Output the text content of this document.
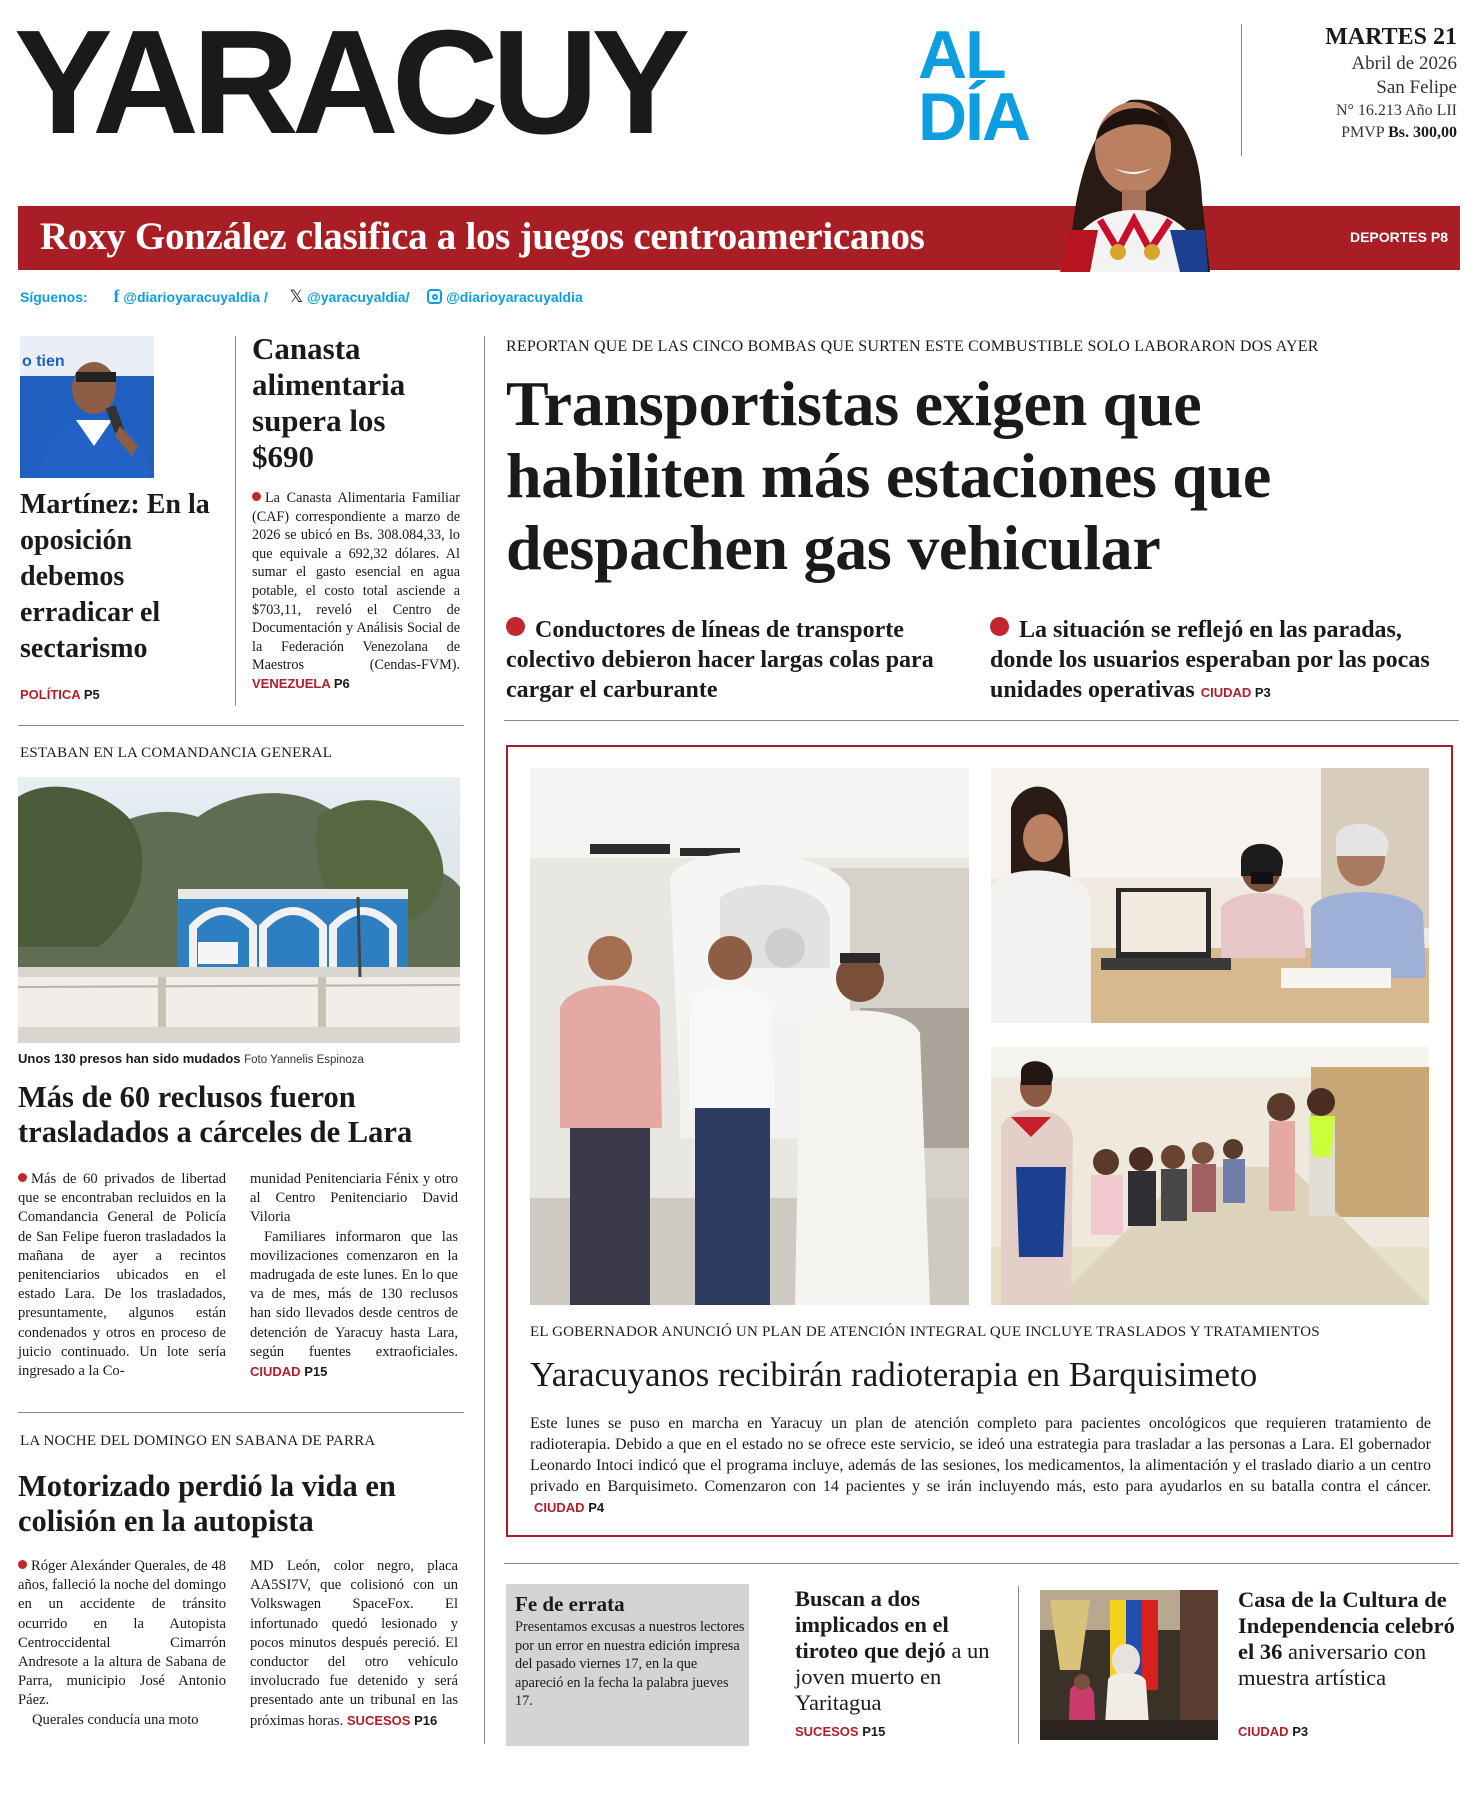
YARACUY	AL
DÍA
MARTES 21
Abril de 2026
San Felipe
N° 16.213 Año LII
PMVP Bs. 300,00
Roxy González clasifica a los juegos centroamericanos	DEPORTES P8
Síguenos: f @diarioyaracuyaldia / 𝕏 @yaracuyaldia/	@diarioyaracuyaldia
o tien
Martínez: En la oposición debemos erradicar el sectarismo
POLÍTICA P5
Canasta alimentaria supera los $690
La Canasta Alimentaria Familiar (CAF) correspondiente a marzo de 2026 se ubicó en Bs. 308.084,33, lo que equivale a 692,32 dólares. Al sumar el gasto esencial en agua potable, el costo total asciende a $703,11, reveló el Centro de Documentación y Análisis Social de la Federación Venezolana de Maestros (Cendas-FVM). VENEZUELA P6
REPORTAN QUE DE LAS CINCO BOMBAS QUE SURTEN ESTE COMBUSTIBLE SOLO LABORARON DOS AYER
Transportistas exigen que habiliten más estaciones que despachen gas vehicular
Conductores de líneas de transporte colectivo debieron hacer largas colas para cargar el carburante
La situación se reflejó en las paradas, donde los usuarios esperaban por las pocas unidades operativas CIUDAD P3
ESTABAN EN LA COMANDANCIA GENERAL
Unos 130 presos han sido mudados Foto Yannelis Espinoza
Más de 60 reclusos fueron trasladados a cárceles de Lara
Más de 60 privados de libertad que se encontraban recluidos en la Comandancia General de Policía de San Felipe fueron trasladados la mañana de ayer a recintos penitenciarios ubicados en el estado Lara. De los trasladados, presuntamente, algunos están condenados y otros en proceso de juicio continuado. Un lote sería ingresado a la Co-
munidad Penitenciaria Fénix y otro al Centro Penitenciario David Viloria
Familiares informaron que las movilizaciones comenzaron en la madrugada de este lunes. En lo que va de mes, más de 130 reclusos han sido llevados desde centros de detención de Yaracuy hasta Lara, según fuentes extraoficiales. CIUDAD P15
LA NOCHE DEL DOMINGO EN SABANA DE PARRA
Motorizado perdió la vida en colisión en la autopista
Róger Alexánder Querales, de 48 años, falleció la noche del domingo en un accidente de tránsito ocurrido en la Autopista Centroccidental Cimarrón Andresote a la altura de Sabana de Parra, municipio José Antonio Páez.
Querales conducía una moto
MD León, color negro, placa AA5SI7V, que colisionó con un Volkswagen SpaceFox. El infortunado quedó lesionado y pocos minutos después pereció. El conductor del otro vehículo involucrado fue detenido y será presentado ante un tribunal en las próximas horas. SUCESOS P16
EL GOBERNADOR ANUNCIÓ UN PLAN DE ATENCIÓN INTEGRAL QUE INCLUYE TRASLADOS Y TRATAMIENTOS
Yaracuyanos recibirán radioterapia en Barquisimeto
Este lunes se puso en marcha en Yaracuy un plan de atención completo para pacientes oncológicos que requieren tratamiento de radioterapia. Debido a que en el estado no se ofrece este servicio, se ideó una estrategia para trasladar a las personas a Lara. El gobernador Leonardo Intoci indicó que el programa incluye, además de las sesiones, los medicamentos, la alimentación y el traslado diario a un centro privado en Barquisimeto. Comenzaron con 14 pacientes y se irán incluyendo más, esto para ayudarlos en su batalla contra el cáncer.  CIUDAD P4
Fe de errata
Presentamos excusas a nuestros lectores por un error en nuestra edición impresa del pasado viernes 17, en la que apareció en la fecha la palabra jueves 17.
Buscan a dos implicados en el tiroteo que dejó a un joven muerto en Yaritagua
SUCESOS P15
Casa de la Cultura de Independencia celebró el 36 aniversario con muestra artística
CIUDAD P3
